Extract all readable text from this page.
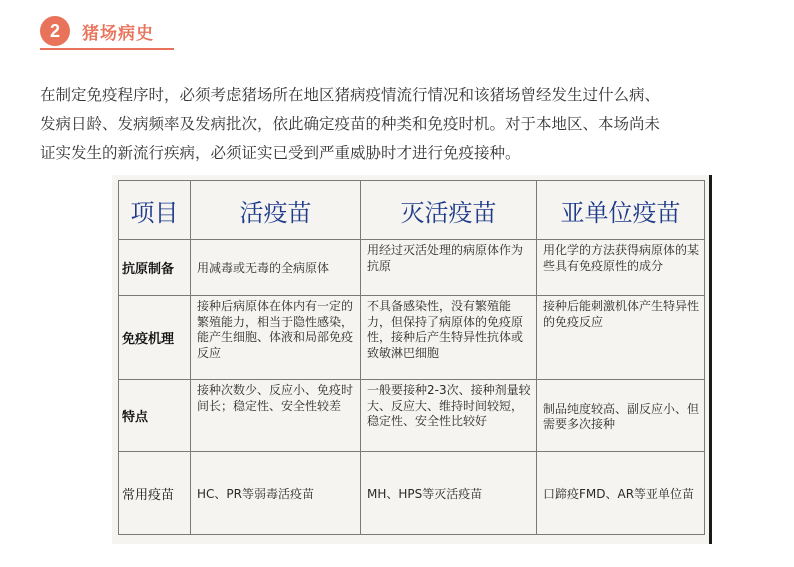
2	猪场病史

在制定免疫程序时，必须考虑猪场所在地区猪病疫情流行情况和该猪场曾经发生过什么病、
发病日龄、发病频率及发病批次，依此确定疫苗的种类和免疫时机。对于本地区、本场尚未
证实发生的新流行疾病，必须证实已受到严重威胁时才进行免疫接种。

项目	活疫苗	灭活疫苗	亚单位疫苗
抗原制备	用减毒或无毒的全病原体	用经过灭活处理的病原体作为抗原	用化学的方法获得病原体的某些具有免疫原性的成分
免疫机理	接种后病原体在体内有一定的繁殖能力，相当于隐性感染，能产生细胞、体液和局部免疫反应	不具备感染性，没有繁殖能力，但保持了病原体的免疫原性，接种后产生特异性抗体或致敏淋巴细胞	接种后能刺激机体产生特异性的免疫反应
特点	接种次数少、反应小、免疫时间长；稳定性、安全性较差	一般要接种2-3次、接种剂量较大、反应大、维持时间较短，稳定性、安全性比较好	制品纯度较高、副反应小、但需要多次接种
常用疫苗	HC、PR等弱毒活疫苗	MH、HPS等灭活疫苗	口蹄疫FMD、AR等亚单位苗
